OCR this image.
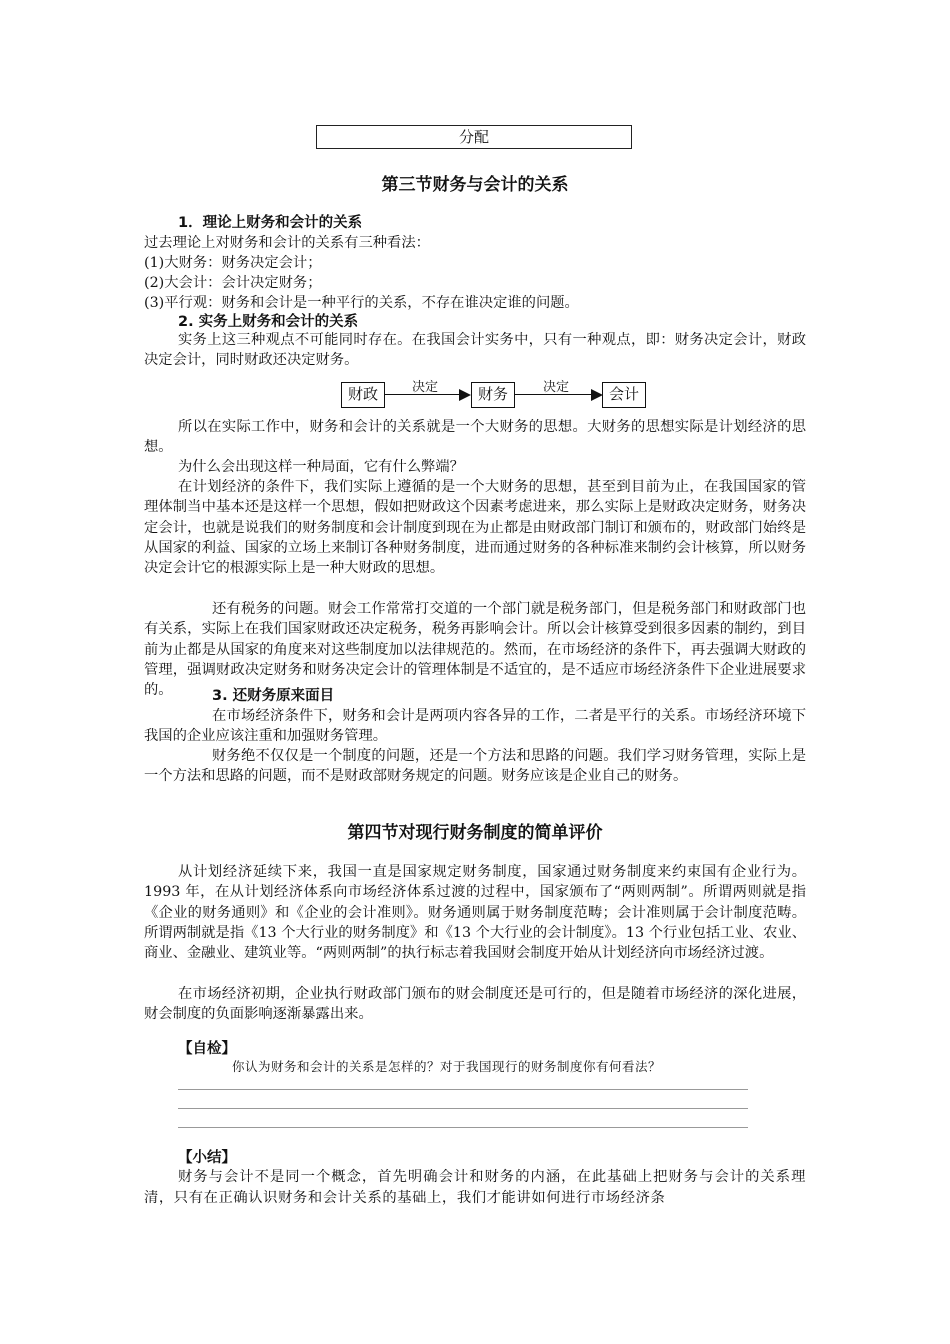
分配
第三节财务与会计的关系
1．理论上财务和会计的关系
过去理论上对财务和会计的关系有三种看法：
(1)大财务：财务决定会计；
(2)大会计：会计决定财务；
(3)平行观：财务和会计是一种平行的关系，不存在谁决定谁的问题。
2. 实务上财务和会计的关系
实务上这三种观点不可能同时存在。在我国会计实务中，只有一种观点，即：财务决定会计，财政决定会计，同时财政还决定财务。
财政	决定	财务	决定	会计
所以在实际工作中，财务和会计的关系就是一个大财务的思想。大财务的思想实际是计划经济的思想。
为什么会出现这样一种局面，它有什么弊端？
在计划经济的条件下，我们实际上遵循的是一个大财务的思想，甚至到目前为止，在我国国家的管理体制当中基本还是这样一个思想，假如把财政这个因素考虑进来，那么实际上是财政决定财务，财务决定会计，也就是说我们的财务制度和会计制度到现在为止都是由财政部门制订和颁布的，财政部门始终是从国家的利益、国家的立场上来制订各种财务制度，进而通过财务的各种标准来制约会计核算，所以财务决定会计它的根源实际上是一种大财政的思想。
还有税务的问题。财会工作常常打交道的一个部门就是税务部门，但是税务部门和财政部门也有关系，实际上在我们国家财政还决定税务，税务再影响会计。所以会计核算受到很多因素的制约，到目前为止都是从国家的角度来对这些制度加以法律规范的。然而，在市场经济的条件下，再去强调大财政的管理，强调财政决定财务和财务决定会计的管理体制是不适宜的，是不适应市场经济条件下企业进展要求的。	3. 还财务原来面目
在市场经济条件下，财务和会计是两项内容各异的工作，二者是平行的关系。市场经济环境下我国的企业应该注重和加强财务管理。
财务绝不仅仅是一个制度的问题，还是一个方法和思路的问题。我们学习财务管理，实际上是一个方法和思路的问题，而不是财政部财务规定的问题。财务应该是企业自己的财务。
第四节对现行财务制度的简单评价
从计划经济延续下来，我国一直是国家规定财务制度，国家通过财务制度来约束国有企业行为。1993 年，在从计划经济体系向市场经济体系过渡的过程中，国家颁布了“两则两制”。所谓两则就是指《企业的财务通则》和《企业的会计准则》。财务通则属于财务制度范畴；会计准则属于会计制度范畴。所谓两制就是指《13 个大行业的财务制度》和《13 个大行业的会计制度》。13 个行业包括工业、农业、商业、金融业、建筑业等。“两则两制”的执行标志着我国财会制度开始从计划经济向市场经济过渡。
在市场经济初期，企业执行财政部门颁布的财会制度还是可行的，但是随着市场经济的深化进展，财会制度的负面影响逐渐暴露出来。
【自检】
你认为财务和会计的关系是怎样的？对于我国现行的财务制度你有何看法？
【小结】
财务与会计不是同一个概念，首先明确会计和财务的内涵，在此基础上把财务与会计的关系理清，只有在正确认识财务和会计关系的基础上，我们才能讲如何进行市场经济条
